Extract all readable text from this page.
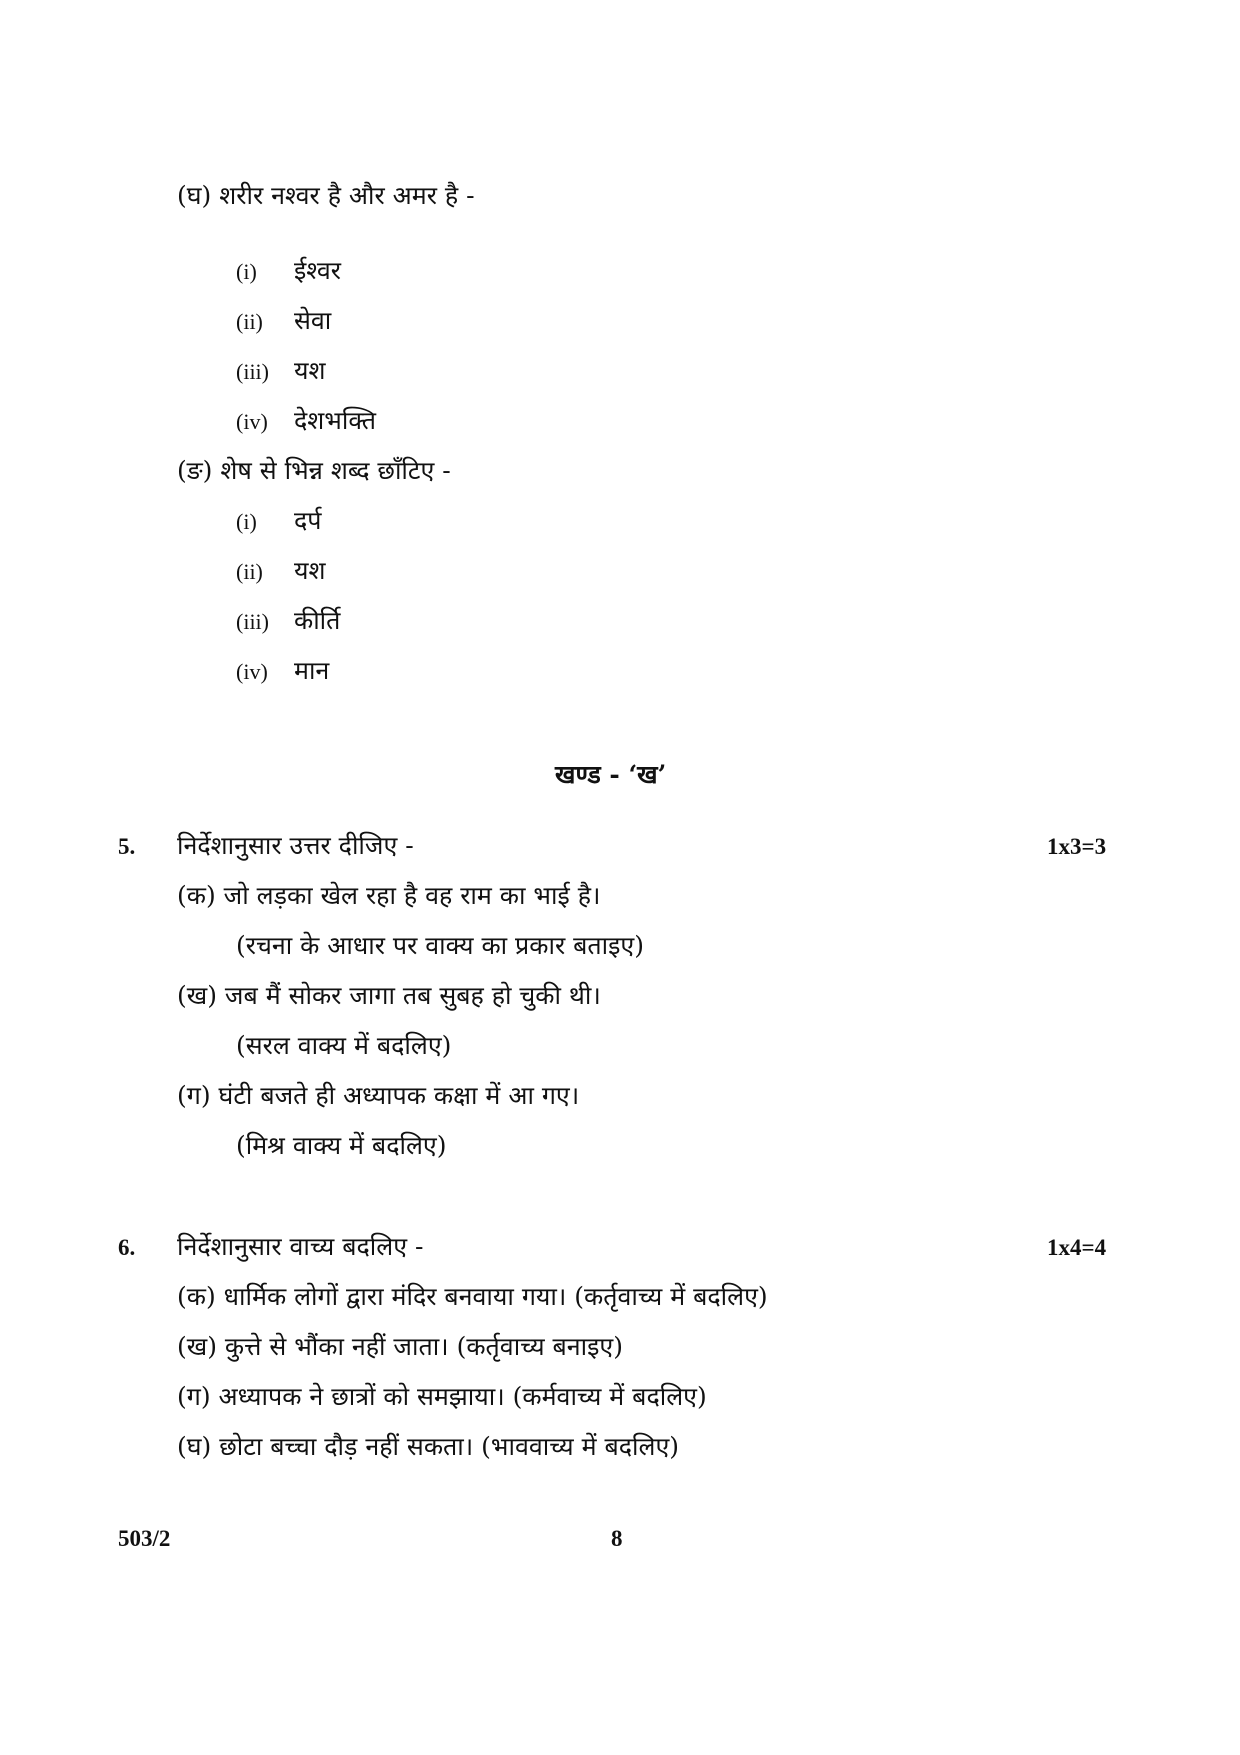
(घ) शरीर नश्वर है और अमर है -
(i) ईश्वर
(ii) सेवा
(iii) यश
(iv) देशभक्ति
(ङ) शेष से भिन्न शब्द छाँटिए -
(i) दर्प
(ii) यश
(iii) कीर्ति
(iv) मान
खण्ड - ‘ख’
5. निर्देशानुसार उत्तर दीजिए -	1x3=3
(क) जो लड़का खेल रहा है वह राम का भाई है।
(रचना के आधार पर वाक्य का प्रकार बताइए)
(ख) जब मैं सोकर जागा तब सुबह हो चुकी थी।
(सरल वाक्य में बदलिए)
(ग) घंटी बजते ही अध्यापक कक्षा में आ गए।
(मिश्र वाक्य में बदलिए)
6. निर्देशानुसार वाच्य बदलिए -	1x4=4
(क) धार्मिक लोगों द्वारा मंदिर बनवाया गया। (कर्तृवाच्य में बदलिए)
(ख) कुत्ते से भौंका नहीं जाता। (कर्तृवाच्य बनाइए)
(ग) अध्यापक ने छात्रों को समझाया। (कर्मवाच्य में बदलिए)
(घ) छोटा बच्चा दौड़ नहीं सकता। (भाववाच्य में बदलिए)
503/2	8
